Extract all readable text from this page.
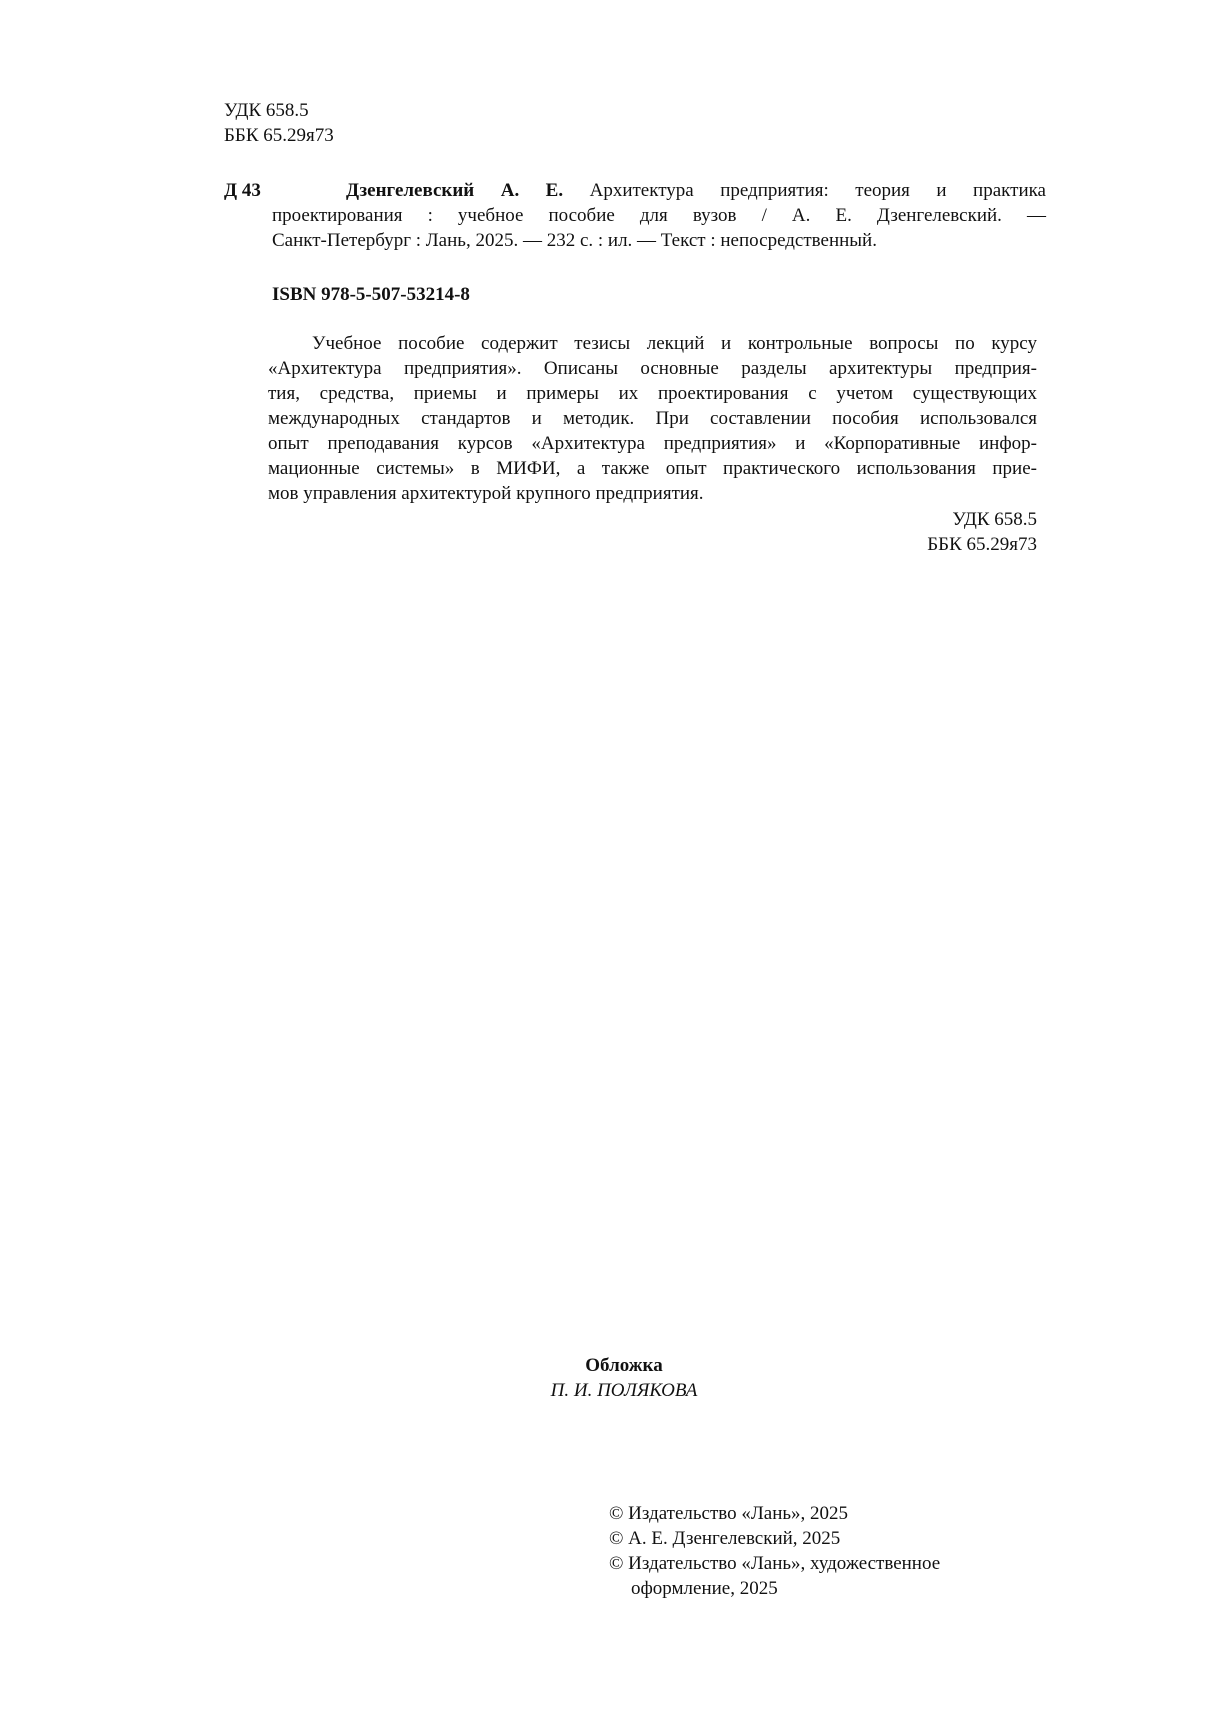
УДК 658.5
ББК 65.29я73
Д 43	Дзенгелевский А. Е. Архитектура предприятия: теория и практика
проектирования : учебное пособие для вузов / А. Е. Дзенгелевский. —
Санкт-Петербург : Лань, 2025. — 232 с. : ил. — Текст : непосредственный.
ISBN 978-5-507-53214-8
Учебное пособие содержит тезисы лекций и контрольные вопросы по курсу
«Архитектура предприятия». Описаны основные разделы архитектуры предприя-
тия, средства, приемы и примеры их проектирования с учетом существующих
международных стандартов и методик. При составлении пособия использовался
опыт преподавания курсов «Архитектура предприятия» и «Корпоративные инфор-
мационные системы» в МИФИ, а также опыт практического использования прие-
мов управления архитектурой крупного предприятия.
УДК 658.5
ББК 65.29я73
Обложка
П. И. ПОЛЯКОВА
© Издательство «Лань», 2025
© А. Е. Дзенгелевский, 2025
© Издательство «Лань», художественное
оформление, 2025
